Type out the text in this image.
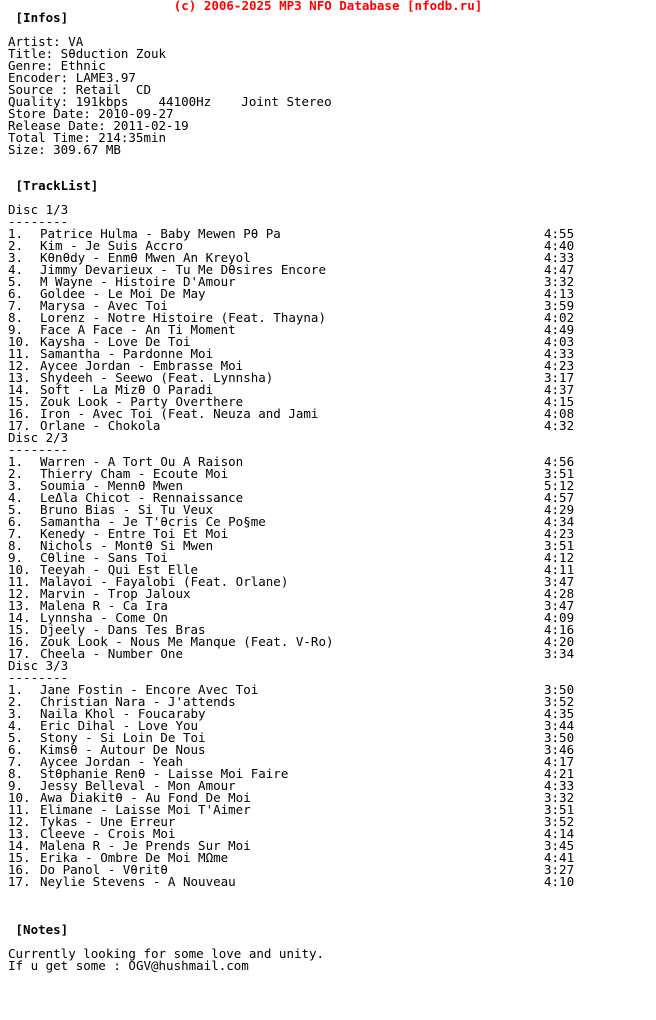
(c) 2006-2025 MP3 NFO Database [nfodb.ru]
[Infos]
Artist: VA
Title: Sθduction Zouk
Genre: Ethnic
Encoder: LAME3.97
Source : Retail  CD
Quality: 191kbps    44100Hz    Joint Stereo
Store Date: 2010-09-27
Release Date: 2011-02-19
Total Time: 214:35min
Size: 309.67 MB
[TrackList]
Disc 1/3
--------
1. Patrice Hulma - Baby Mewen Pθ Pa	4:55
2. Kim - Je Suis Accro	4:40
3. Kθnθdy - Enmθ Mwen An Kreyol	4:33
4. Jimmy Devarieux - Tu Me Dθsires Encore	4:47
5. M Wayne - Histoire D'Amour	3:32
6. Goldee - Le Moi De May	4:13
7. Marysa - Avec Toi	3:59
8. Lorenz - Notre Histoire (Feat. Thayna)	4:02
9. Face A Face - An Ti Moment	4:49
10. Kaysha - Love De Toi	4:03
11. Samantha - Pardonne Moi	4:33
12. Aycee Jordan - Embrasse Moi	4:23
13. Shydeeh - Seewo (Feat. Lynnsha)	3:17
14. Soft - La Mizθ O Paradi	4:37
15. Zouk Look - Party Overthere	4:15
16. Iron - Avec Toi (Feat. Neuza and Jami	4:08
17. Orlane - Chokola	4:32
Disc 2/3
--------
1. Warren - A Tort Ou A Raison	4:56
2. Thierry Cham - Ecoute Moi	3:51
3. Soumia - Mennθ Mwen	5:12
4. LeΔla Chicot - Rennaissance	4:57
5. Bruno Bias - Si Tu Veux	4:29
6. Samantha - Je T'θcris Ce Po§me	4:34
7. Kenedy - Entre Toi Et Moi	4:23
8. Nichols - Montθ Si Mwen	3:51
9. Cθline - Sans Toi	4:12
10. Teeyah - Qui Est Elle	4:11
11. Malavoi - Fayalobi (Feat. Orlane)	3:47
12. Marvin - Trop Jaloux	4:28
13. Malena R - Ca Ira	3:47
14. Lynnsha - Come On	4:09
15. Djeely - Dans Tes Bras	4:16
16. Zouk Look - Nous Me Manque (Feat. V-Ro)	4:20
17. Cheela - Number One	3:34
Disc 3/3
--------
1. Jane Fostin - Encore Avec Toi	3:50
2. Christian Nara - J'attends	3:52
3. Naila Khol - Foucaraby	4:35
4. Eric Dihal - Love You	3:44
5. Stony - Si Loin De Toi	3:50
6. Kimsθ - Autour De Nous	3:46
7. Aycee Jordan - Yeah	4:17
8. Stθphanie Renθ - Laisse Moi Faire	4:21
9. Jessy Belleval - Mon Amour	4:33
10. Awa Diakitθ - Au Fond De Moi	3:32
11. Elimane - Laisse Moi T'Aimer	3:51
12. Tykas - Une Erreur	3:52
13. Cleeve - Crois Moi	4:14
14. Malena R - Je Prends Sur Moi	3:45
15. Erika - Ombre De Moi MΩme	4:41
16. Do Panol - Vθritθ	3:27
17. Neylie Stevens - A Nouveau	4:10
[Notes]
Currently looking for some love and unity.
If u get some : OGV@hushmail.com
